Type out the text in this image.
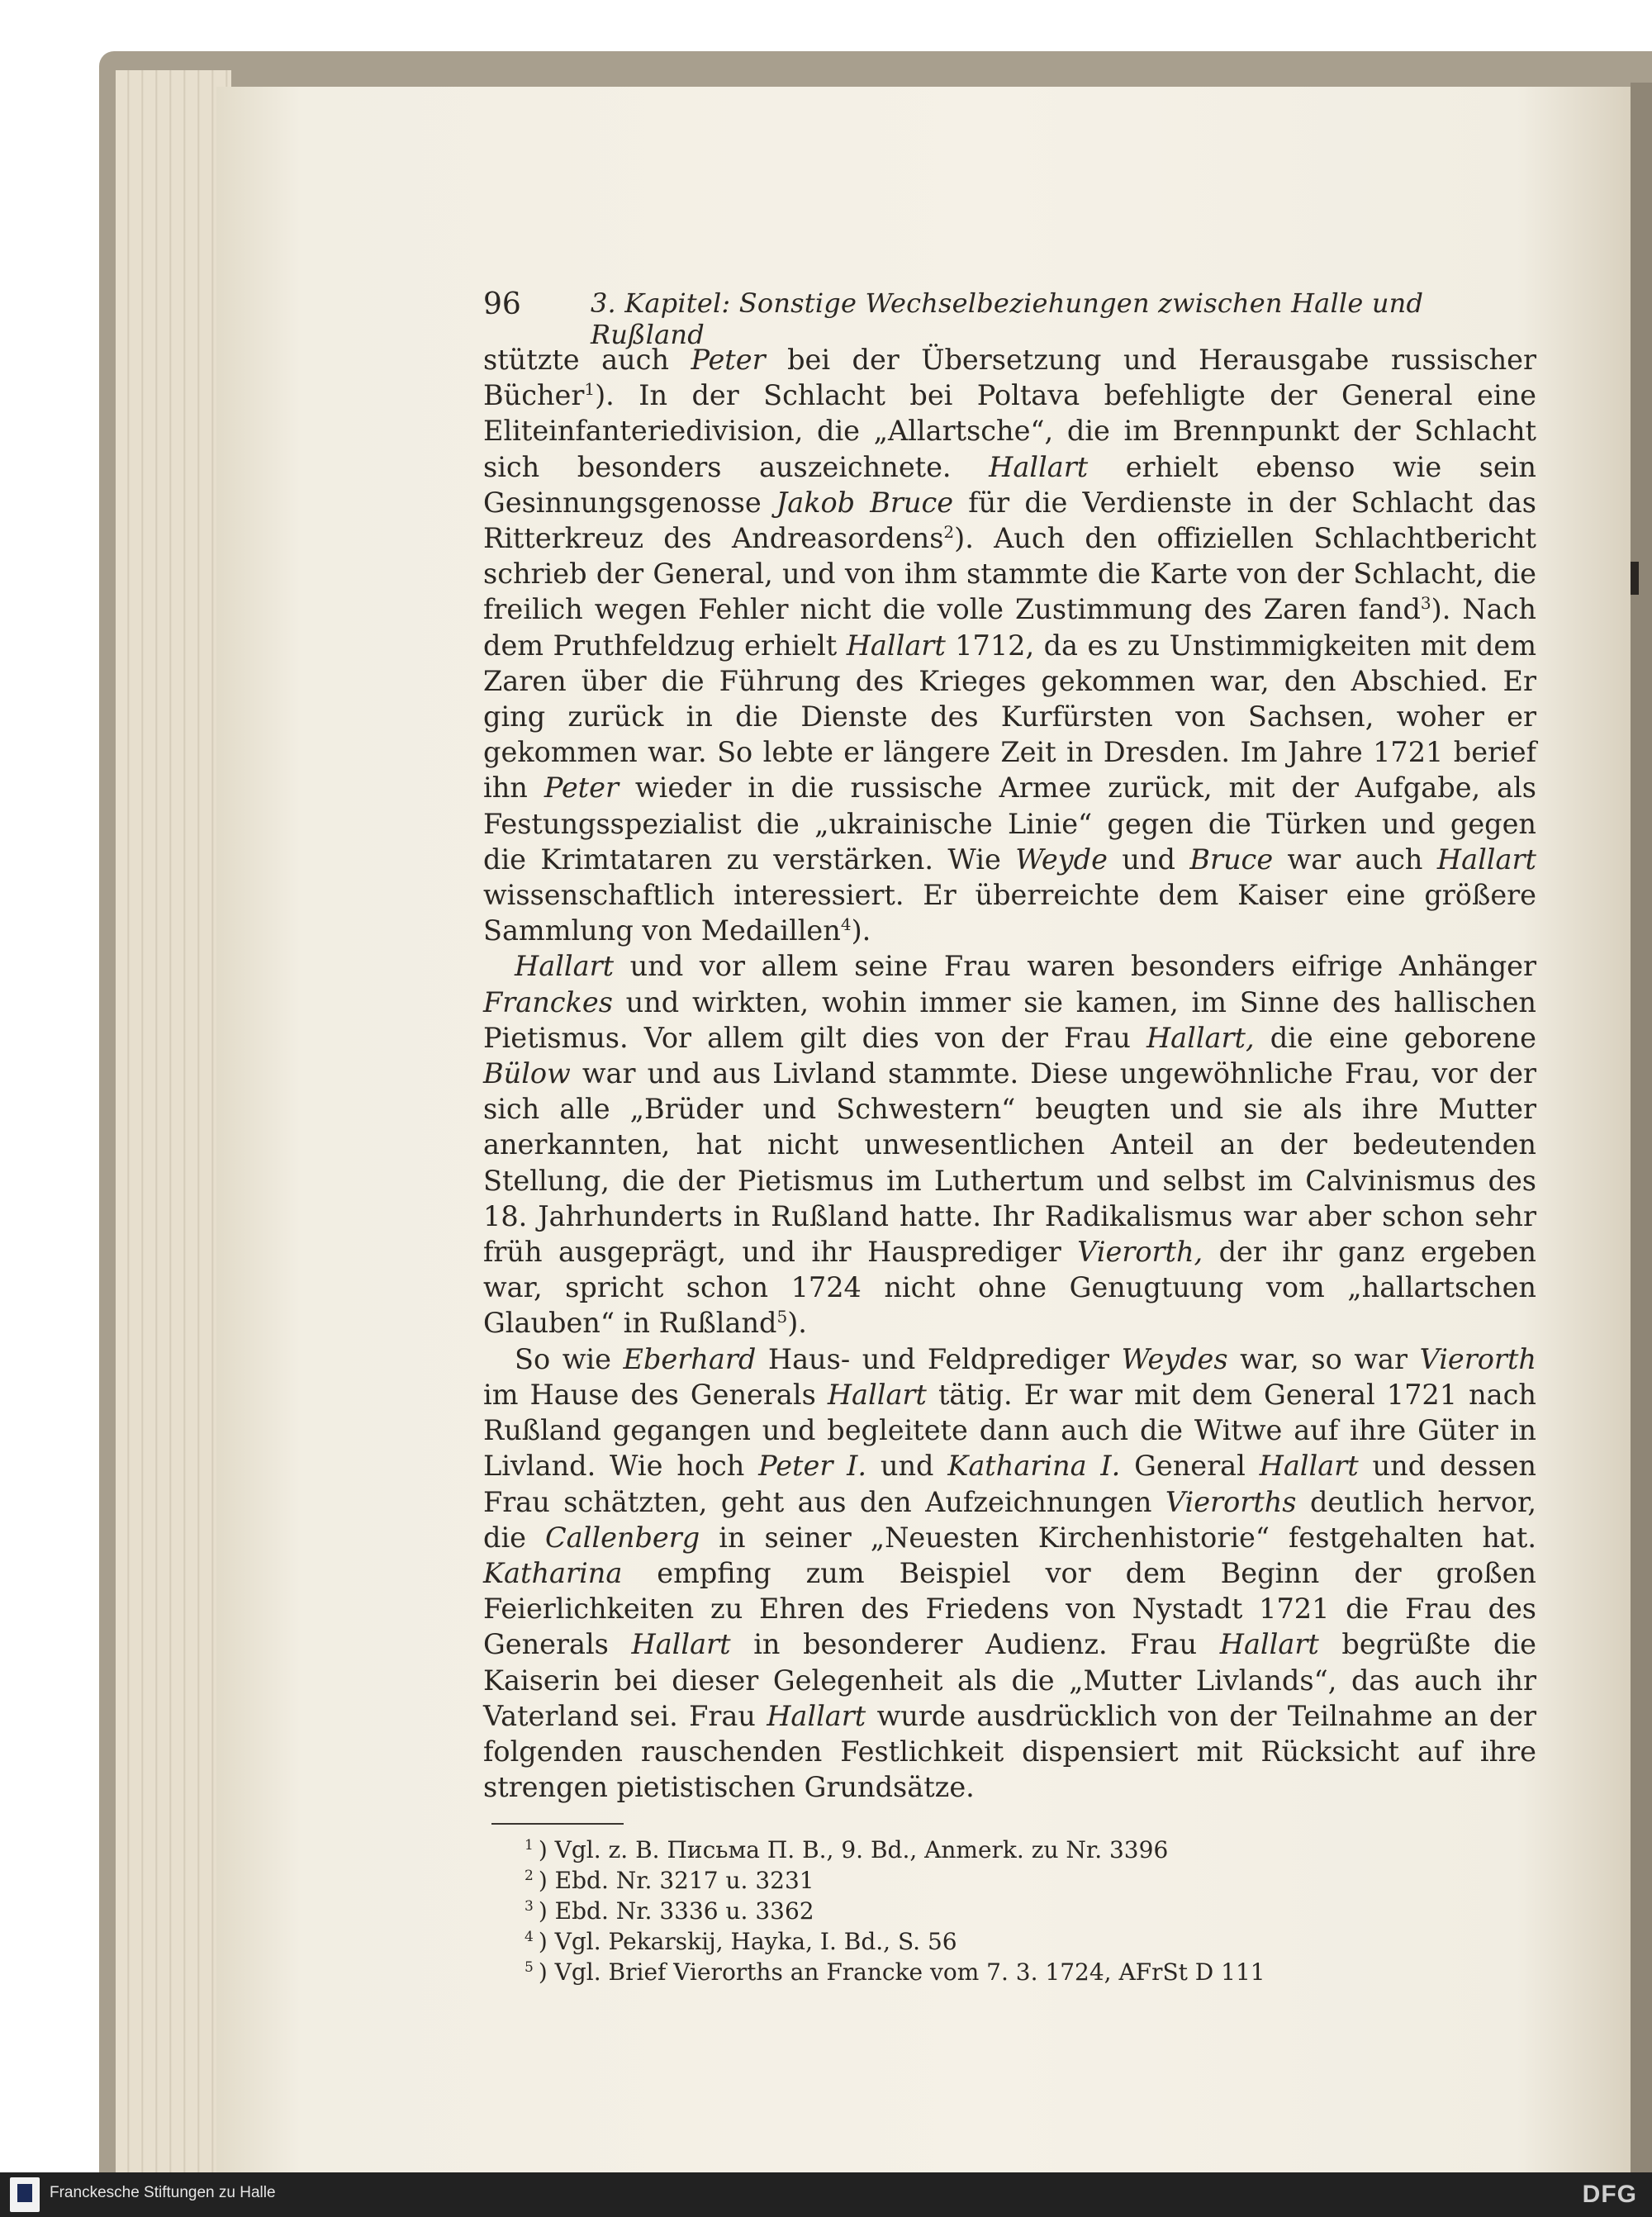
96	3. Kapitel: Sonstige Wechselbeziehungen zwischen Halle und Rußland

stützte auch Peter bei der Übersetzung und Herausgabe russischer Bücher$^1$). In der Schlacht bei Poltava befehligte der General eine Eliteinfanteriedivision, die „Allartsche“, die im Brennpunkt der Schlacht sich besonders auszeichnete. Hallart erhielt ebenso wie sein Gesinnungsgenosse Jakob Bruce für die Verdienste in der Schlacht das Ritterkreuz des Andreasordens$^2$). Auch den offiziellen Schlachtbericht schrieb der General, und von ihm stammte die Karte von der Schlacht, die freilich wegen Fehler nicht die volle Zustimmung des Zaren fand$^3$). Nach dem Pruthfeldzug erhielt Hallart 1712, da es zu Unstimmigkeiten mit dem Zaren über die Führung des Krieges gekommen war, den Abschied. Er ging zurück in die Dienste des Kurfürsten von Sachsen, woher er gekommen war. So lebte er längere Zeit in Dresden. Im Jahre 1721 berief ihn Peter wieder in die russische Armee zurück, mit der Aufgabe, als Festungsspezialist die „ukrainische Linie“ gegen die Türken und gegen die Krimtataren zu verstärken. Wie Weyde und Bruce war auch Hallart wissenschaftlich interessiert. Er überreichte dem Kaiser eine größere Sammlung von Medaillen$^4$).

Hallart und vor allem seine Frau waren besonders eifrige Anhänger Franckes und wirkten, wohin immer sie kamen, im Sinne des hallischen Pietismus. Vor allem gilt dies von der Frau Hallart, die eine geborene Bülow war und aus Livland stammte. Diese ungewöhnliche Frau, vor der sich alle „Brüder und Schwestern“ beugten und sie als ihre Mutter anerkannten, hat nicht unwesentlichen Anteil an der bedeutenden Stellung, die der Pietismus im Luthertum und selbst im Calvinismus des 18. Jahrhunderts in Rußland hatte. Ihr Radikalismus war aber schon sehr früh ausgeprägt, und ihr Hausprediger Vierorth, der ihr ganz ergeben war, spricht schon 1724 nicht ohne Genugtuung vom „hallartschen Glauben“ in Rußland$^5$).

So wie Eberhard Haus- und Feldprediger Weydes war, so war Vierorth im Hause des Generals Hallart tätig. Er war mit dem General 1721 nach Rußland gegangen und begleitete dann auch die Witwe auf ihre Güter in Livland. Wie hoch Peter I. und Katharina I. General Hallart und dessen Frau schätzten, geht aus den Aufzeichnungen Vierorths deutlich hervor, die Callenberg in seiner „Neuesten Kirchenhistorie“ festgehalten hat. Katharina empfing zum Beispiel vor dem Beginn der großen Feierlichkeiten zu Ehren des Friedens von Nystadt 1721 die Frau des Generals Hallart in besonderer Audienz. Frau Hallart begrüßte die Kaiserin bei dieser Gelegenheit als die „Mutter Livlands“, das auch ihr Vaterland sei. Frau Hallart wurde ausdrücklich von der Teilnahme an der folgenden rauschenden Festlichkeit dispensiert mit Rücksicht auf ihre strengen pietistischen Grundsätze.

$^1$ ) Vgl. z. B. Письма П. В., 9. Bd., Anmerk. zu Nr. 3396
$^2$ ) Ebd. Nr. 3217 u. 3231
$^3$ ) Ebd. Nr. 3336 u. 3362
$^4$ ) Vgl. Pekarskij, Hayka, I. Bd., S. 56
$^5$ ) Vgl. Brief Vierorths an Francke vom 7. 3. 1724, AFrSt D 111
Franckesche Stiftungen zu Halle	DFG
